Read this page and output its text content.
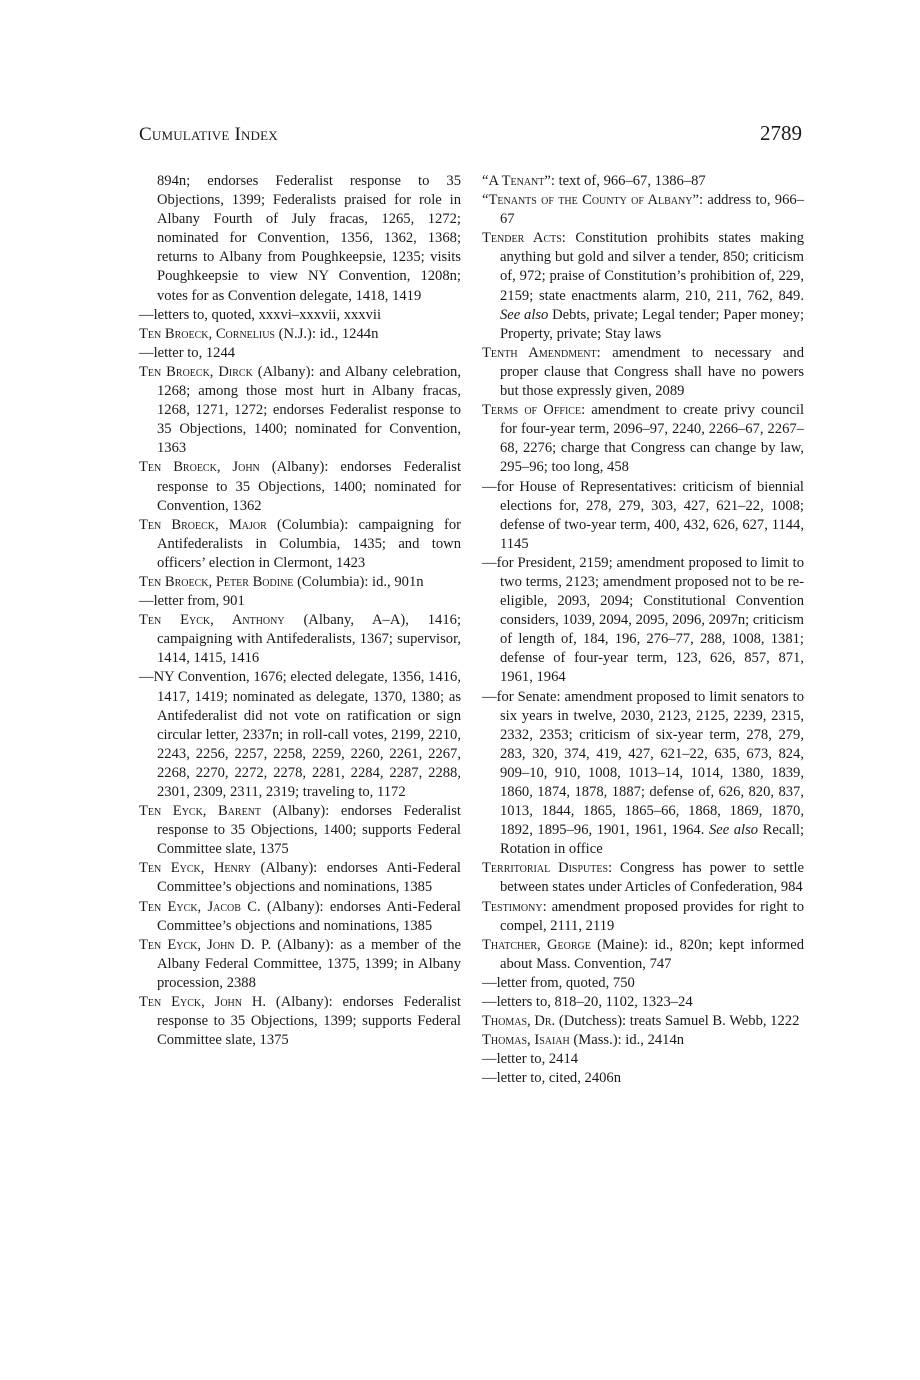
Cumulative Index	2789
894n; endorses Federalist response to 35 Objections, 1399; Federalists praised for role in Albany Fourth of July fracas, 1265, 1272; nominated for Convention, 1356, 1362, 1368; returns to Albany from Poughkeepsie, 1235; visits Poughkeepsie to view NY Convention, 1208n; votes for as Convention delegate, 1418, 1419
—letters to, quoted, xxxvi–xxxvii, xxxvii
Ten Broeck, Cornelius (N.J.): id., 1244n
—letter to, 1244
Ten Broeck, Dirck (Albany): and Albany celebration, 1268; among those most hurt in Albany fracas, 1268, 1271, 1272; endorses Federalist response to 35 Objections, 1400; nominated for Convention, 1363
Ten Broeck, John (Albany): endorses Federalist response to 35 Objections, 1400; nominated for Convention, 1362
Ten Broeck, Major (Columbia): campaigning for Antifederalists in Columbia, 1435; and town officers’ election in Clermont, 1423
Ten Broeck, Peter Bodine (Columbia): id., 901n
—letter from, 901
Ten Eyck, Anthony (Albany, A–A), 1416; campaigning with Antifederalists, 1367; supervisor, 1414, 1415, 1416
—NY Convention, 1676; elected delegate, 1356, 1416, 1417, 1419; nominated as delegate, 1370, 1380; as Antifederalist did not vote on ratification or sign circular letter, 2337n; in roll-call votes, 2199, 2210, 2243, 2256, 2257, 2258, 2259, 2260, 2261, 2267, 2268, 2270, 2272, 2278, 2281, 2284, 2287, 2288, 2301, 2309, 2311, 2319; traveling to, 1172
Ten Eyck, Barent (Albany): endorses Federalist response to 35 Objections, 1400; supports Federal Committee slate, 1375
Ten Eyck, Henry (Albany): endorses Anti-Federal Committee’s objections and nominations, 1385
Ten Eyck, Jacob C. (Albany): endorses Anti-Federal Committee’s objections and nominations, 1385
Ten Eyck, John D. P. (Albany): as a member of the Albany Federal Committee, 1375, 1399; in Albany procession, 2388
Ten Eyck, John H. (Albany): endorses Federalist response to 35 Objections, 1399; supports Federal Committee slate, 1375
“A Tenant”: text of, 966–67, 1386–87
“Tenants of the County of Albany”: address to, 966–67
Tender Acts: Constitution prohibits states making anything but gold and silver a tender, 850; criticism of, 972; praise of Constitution’s prohibition of, 229, 2159; state enactments alarm, 210, 211, 762, 849. See also Debts, private; Legal tender; Paper money; Property, private; Stay laws
Tenth Amendment: amendment to necessary and proper clause that Congress shall have no powers but those expressly given, 2089
Terms of Office: amendment to create privy council for four-year term, 2096–97, 2240, 2266–67, 2267–68, 2276; charge that Congress can change by law, 295–96; too long, 458
—for House of Representatives: criticism of biennial elections for, 278, 279, 303, 427, 621–22, 1008; defense of two-year term, 400, 432, 626, 627, 1144, 1145
—for President, 2159; amendment proposed to limit to two terms, 2123; amendment proposed not to be re-eligible, 2093, 2094; Constitutional Convention considers, 1039, 2094, 2095, 2096, 2097n; criticism of length of, 184, 196, 276–77, 288, 1008, 1381; defense of four-year term, 123, 626, 857, 871, 1961, 1964
—for Senate: amendment proposed to limit senators to six years in twelve, 2030, 2123, 2125, 2239, 2315, 2332, 2353; criticism of six-year term, 278, 279, 283, 320, 374, 419, 427, 621–22, 635, 673, 824, 909–10, 910, 1008, 1013–14, 1014, 1380, 1839, 1860, 1874, 1878, 1887; defense of, 626, 820, 837, 1013, 1844, 1865, 1865–66, 1868, 1869, 1870, 1892, 1895–96, 1901, 1961, 1964. See also Recall; Rotation in office
Territorial Disputes: Congress has power to settle between states under Articles of Confederation, 984
Testimony: amendment proposed provides for right to compel, 2111, 2119
Thatcher, George (Maine): id., 820n; kept informed about Mass. Convention, 747
—letter from, quoted, 750
—letters to, 818–20, 1102, 1323–24
Thomas, Dr. (Dutchess): treats Samuel B. Webb, 1222
Thomas, Isaiah (Mass.): id., 2414n
—letter to, 2414
—letter to, cited, 2406n
